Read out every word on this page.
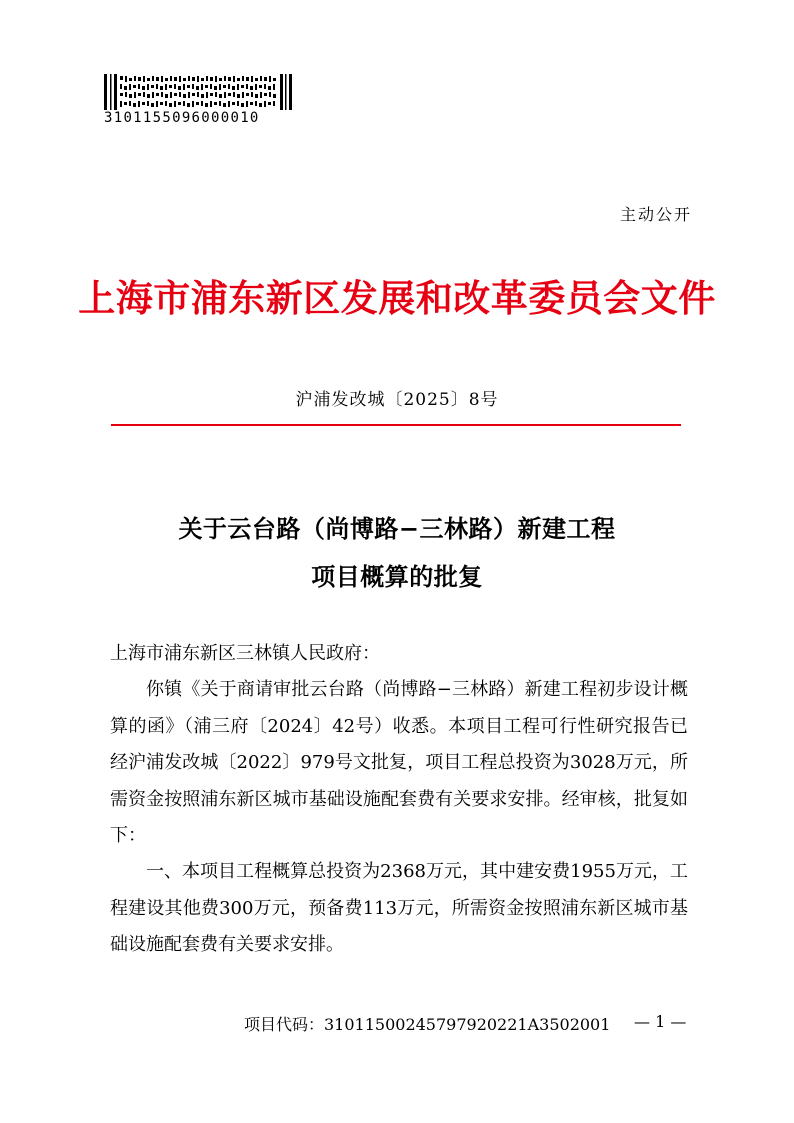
3101155096000010
主动公开
上海市浦东新区发展和改革委员会文件
沪浦发改城〔2025〕8号
关于云台路（尚博路−三林路）新建工程
项目概算的批复

上海市浦东新区三林镇人民政府：

你镇《关于商请审批云台路（尚博路−三林路）新建工程初步设计概算的函》（浦三府〔2024〕42号）收悉。本项目工程可行性研究报告已经沪浦发改城〔2022〕979号文批复，项目工程总投资为3028万元，所需资金按照浦东新区城市基础设施配套费有关要求安排。经审核，批复如下：

一、本项目工程概算总投资为2368万元，其中建安费1955万元，工程建设其他费300万元，预备费113万元，所需资金按照浦东新区城市基础设施配套费有关要求安排。

项目代码：31011500245797920221A3502001 — 1 —
